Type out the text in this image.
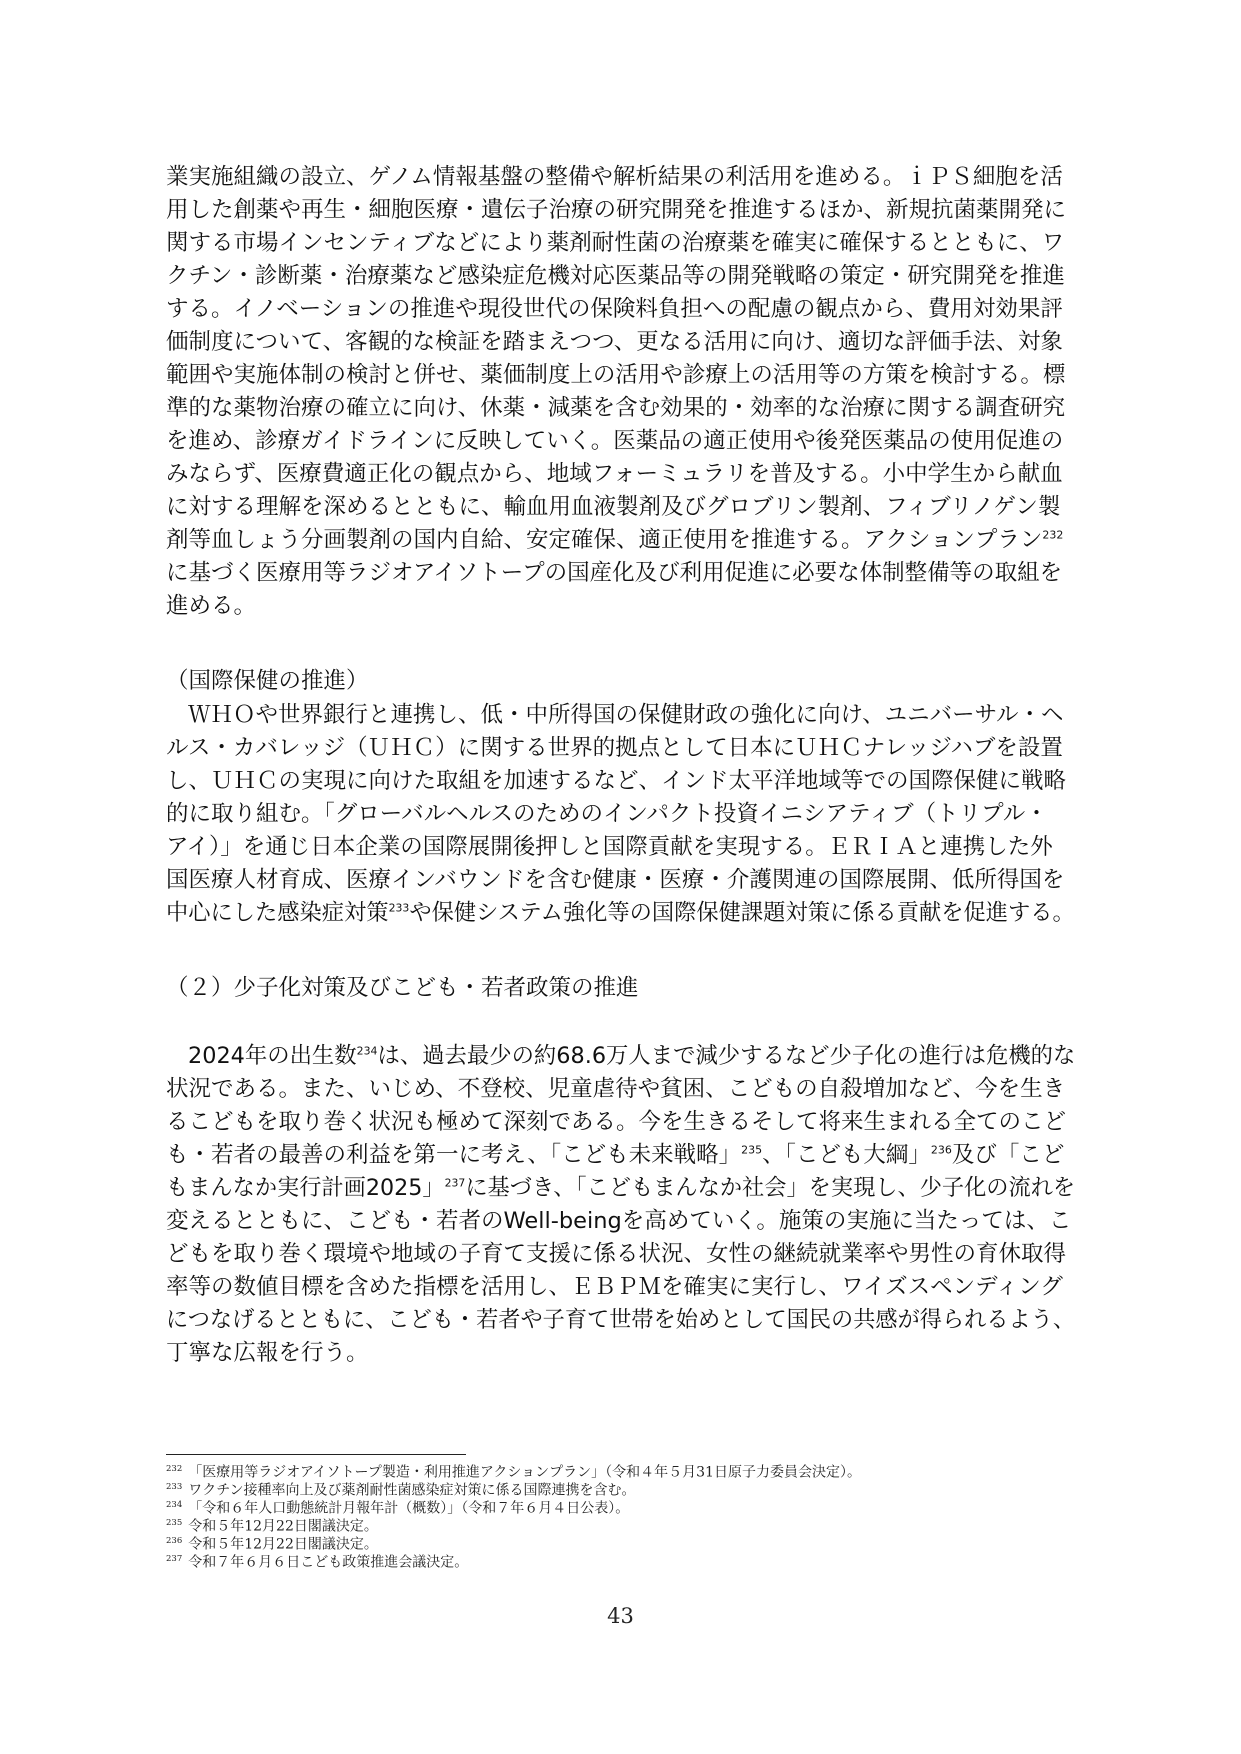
業実施組織の設立、ゲノム情報基盤の整備や解析結果の利活用を進める。ｉＰＳ細胞を活
用した創薬や再生・細胞医療・遺伝子治療の研究開発を推進するほか、新規抗菌薬開発に
関する市場インセンティブなどにより薬剤耐性菌の治療薬を確実に確保するとともに、ワ
クチン・診断薬・治療薬など感染症危機対応医薬品等の開発戦略の策定・研究開発を推進
する。イノベーションの推進や現役世代の保険料負担への配慮の観点から、費用対効果評
価制度について、客観的な検証を踏まえつつ、更なる活用に向け、適切な評価手法、対象
範囲や実施体制の検討と併せ、薬価制度上の活用や診療上の活用等の方策を検討する。標
準的な薬物治療の確立に向け、休薬・減薬を含む効果的・効率的な治療に関する調査研究
を進め、診療ガイドラインに反映していく。医薬品の適正使用や後発医薬品の使用促進の
みならず、医療費適正化の観点から、地域フォーミュラリを普及する。小中学生から献血
に対する理解を深めるとともに、輸血用血液製剤及びグロブリン製剤、フィブリノゲン製
剤等血しょう分画製剤の国内自給、安定確保、適正使用を推進する。アクションプラン$^{232}$
に基づく医療用等ラジオアイソトープの国産化及び利用促進に必要な体制整備等の取組を
進める。
（国際保健の推進）
ＷＨＯや世界銀行と連携し、低・中所得国の保健財政の強化に向け、ユニバーサル・ヘ
ルス・カバレッジ（ＵＨＣ）に関する世界的拠点として日本にＵＨＣナレッジハブを設置
し、ＵＨＣの実現に向けた取組を加速するなど、インド太平洋地域等での国際保健に戦略
的に取り組む。「グローバルヘルスのためのインパクト投資イニシアティブ（トリプル・
アイ）」を通じ日本企業の国際展開後押しと国際貢献を実現する。ＥＲＩＡと連携した外
国医療人材育成、医療インバウンドを含む健康・医療・介護関連の国際展開、低所得国を
中心にした感染症対策$^{233}$や保健システム強化等の国際保健課題対策に係る貢献を促進する。
（２）少子化対策及びこども・若者政策の推進
2024年の出生数$^{234}$は、過去最少の約68.6万人まで減少するなど少子化の進行は危機的な
状況である。また、いじめ、不登校、児童虐待や貧困、こどもの自殺増加など、今を生き
るこどもを取り巻く状況も極めて深刻である。今を生きるそして将来生まれる全てのこど
も・若者の最善の利益を第一に考え、「こども未来戦略」$^{235}$、「こども大綱」$^{236}$及び「こど
もまんなか実行計画2025」$^{237}$に基づき、「こどもまんなか社会」を実現し、少子化の流れを
変えるとともに、こども・若者のWell-beingを高めていく。施策の実施に当たっては、こ
どもを取り巻く環境や地域の子育て支援に係る状況、女性の継続就業率や男性の育休取得
率等の数値目標を含めた指標を活用し、ＥＢＰＭを確実に実行し、ワイズスペンディング
につなげるとともに、こども・若者や子育て世帯を始めとして国民の共感が得られるよう、
丁寧な広報を行う。
$^{232}$ 「医療用等ラジオアイソトープ製造・利用推進アクションプラン」（令和４年５月31日原子力委員会決定）。
$^{233}$ ワクチン接種率向上及び薬剤耐性菌感染症対策に係る国際連携を含む。
$^{234}$ 「令和６年人口動態統計月報年計（概数）」（令和７年６月４日公表）。
$^{235}$ 令和５年12月22日閣議決定。
$^{236}$ 令和５年12月22日閣議決定。
$^{237}$ 令和７年６月６日こども政策推進会議決定。
43
